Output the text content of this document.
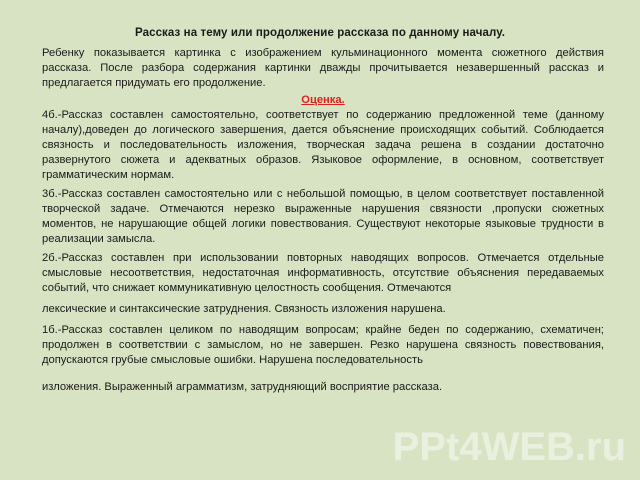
Рассказ на тему или продолжение рассказа по данному началу.

Ребенку показывается картинка с изображением кульминационного момента сюжетного действия рассказа. После разбора содержания картинки дважды прочитывается незавершенный рассказ и предлагается придумать его продолжение.

Оценка.

4б.-Рассказ составлен самостоятельно, соответствует по содержанию предложенной теме (данному началу),доведен до логического завершения, дается объяснение происходящих событий. Соблюдается связность и последовательность изложения, творческая задача решена в создании достаточно развернутого сюжета и адекватных образов. Языковое оформление, в основном, соответствует грамматическим нормам.

3б.-Рассказ составлен самостоятельно или с небольшой помощью, в целом соответствует поставленной творческой задаче. Отмечаются нерезко выраженные нарушения связности ,пропуски сюжетных моментов, не нарушающие общей логики повествования. Существуют некоторые языковые трудности в реализации замысла.

2б.-Рассказ составлен при использовании повторных наводящих вопросов. Отмечается отдельные смысловые несоответствия, недостаточная информативность, отсутствие объяснения передаваемых событий, что снижает коммуникативную целостность сообщения. Отмечаются

лексические и синтаксические затруднения. Связность изложения нарушена.

1б.-Рассказ составлен целиком по наводящим вопросам; крайне беден по содержанию, схематичен; продолжен в соответствии с замыслом, но не завершен. Резко нарушена связность повествования, допускаются грубые смысловые ошибки. Нарушена последовательность

изложения. Выраженный аграмматизм, затрудняющий восприятие рассказа.

PPt4WEB.ru
